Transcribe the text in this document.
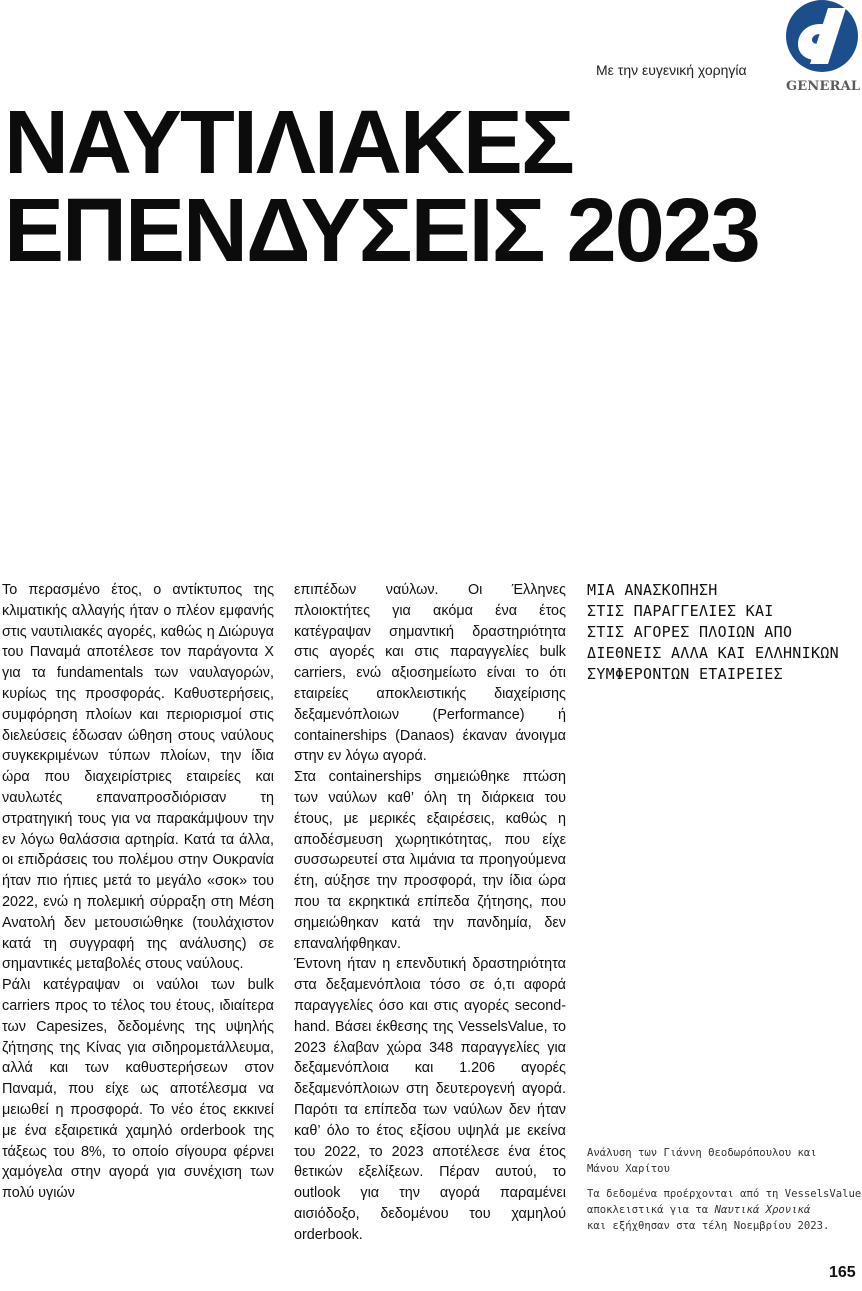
Με την ευγενική χορηγία
GENERAL
ΝΑΥΤΙΛΙΑΚΕΣ
ΕΠΕΝΔΥΣΕΙΣ 2023

Το περασμένο έτος, ο αντίκτυπος της κλιματικής αλλαγής ήταν ο πλέον εμφανής στις ναυτιλιακές αγορές, καθώς η Διώρυγα του Παναμά αποτέλεσε τον παράγοντα Χ για τα fundamentals των ναυλαγορών, κυρίως της προσφοράς. Καθυστερήσεις, συμφόρηση πλοίων και περιορισμοί στις διελεύσεις έδωσαν ώθηση στους ναύλους συγκεκριμένων τύπων πλοίων, την ίδια ώρα που διαχειρίστριες εταιρείες και ναυλωτές επαναπροσδιόρισαν τη στρατηγική τους για να παρακάμψουν την εν λόγω θαλάσσια αρτηρία. Κατά τα άλλα, οι επιδράσεις του πολέμου στην Ουκρανία ήταν πιο ήπιες μετά το μεγάλο «σοκ» του 2022, ενώ η πολεμική σύρραξη στη Μέση Ανατολή δεν μετουσιώθηκε (τουλάχιστον κατά τη συγγραφή της ανάλυσης) σε σημαντικές μεταβολές στους ναύλους.

Ράλι κατέγραψαν οι ναύλοι των bulk carriers προς το τέλος του έτους, ιδιαίτερα των Capesizes, δεδομένης της υψηλής ζήτησης της Κίνας για σιδηρομετάλλευμα, αλλά και των καθυστερήσεων στον Παναμά, που είχε ως αποτέλεσμα να μειωθεί η προσφορά. Το νέο έτος εκκινεί με ένα εξαιρετικά χαμηλό orderbook της τάξεως του 8%, το οποίο σίγουρα φέρνει χαμόγελα στην αγορά για συνέχιση των πολύ υγιών

επιπέδων ναύλων. Οι Έλληνες πλοιοκτήτες για ακόμα ένα έτος κατέγραψαν σημαντική δραστηριότητα στις αγορές και στις παραγγελίες bulk carriers, ενώ αξιοσημείωτο είναι το ότι εταιρείες αποκλειστικής διαχείρισης δεξαμενόπλοιων (Performance) ή containerships (Danaos) έκαναν άνοιγμα στην εν λόγω αγορά.

Στα containerships σημειώθηκε πτώση των ναύλων καθ’ όλη τη διάρκεια του έτους, με μερικές εξαιρέσεις, καθώς η αποδέσμευση χωρητικότητας, που είχε συσσωρευτεί στα λιμάνια τα προηγούμενα έτη, αύξησε την προσφορά, την ίδια ώρα που τα εκρηκτικά επίπεδα ζήτησης, που σημειώθηκαν κατά την πανδημία, δεν επαναλήφθηκαν.

Έντονη ήταν η επενδυτική δραστηριότητα στα δεξαμενόπλοια τόσο σε ό,τι αφορά παραγγελίες όσο και στις αγορές second-hand. Βάσει έκθεσης της VesselsValue, το 2023 έλαβαν χώρα 348 παραγγελίες για δεξαμενόπλοια και 1.206 αγορές δεξαμενόπλοιων στη δευτερογενή αγορά. Παρότι τα επίπεδα των ναύλων δεν ήταν καθ’ όλο το έτος εξίσου υψηλά με εκείνα του 2022, το 2023 αποτέλεσε ένα έτος θετικών εξελίξεων. Πέραν αυτού, το outlook για την αγορά παραμένει αισιόδοξο, δεδομένου του χαμηλού orderbook.

ΜΙΑ ΑΝΑΣΚΟΠΗΣΗ
ΣΤΙΣ ΠΑΡΑΓΓΕΛΙΕΣ ΚΑΙ
ΣΤΙΣ ΑΓΟΡΕΣ ΠΛΟΙΩΝ ΑΠΟ
ΔΙΕΘΝΕΙΣ ΑΛΛΑ ΚΑΙ ΕΛΛΗΝΙΚΩΝ
ΣΥΜΦΕΡΟΝΤΩΝ ΕΤΑΙΡΕΙΕΣ
Ανάλυση των Γιάννη Θεοδωρόπουλου και
Μάνου Χαρίτου
Τα δεδομένα προέρχονται από τη VesselsValue
αποκλειστικά για τα Ναυτικά Χρονικά
και εξήχθησαν στα τέλη Νοεμβρίου 2023.
165
